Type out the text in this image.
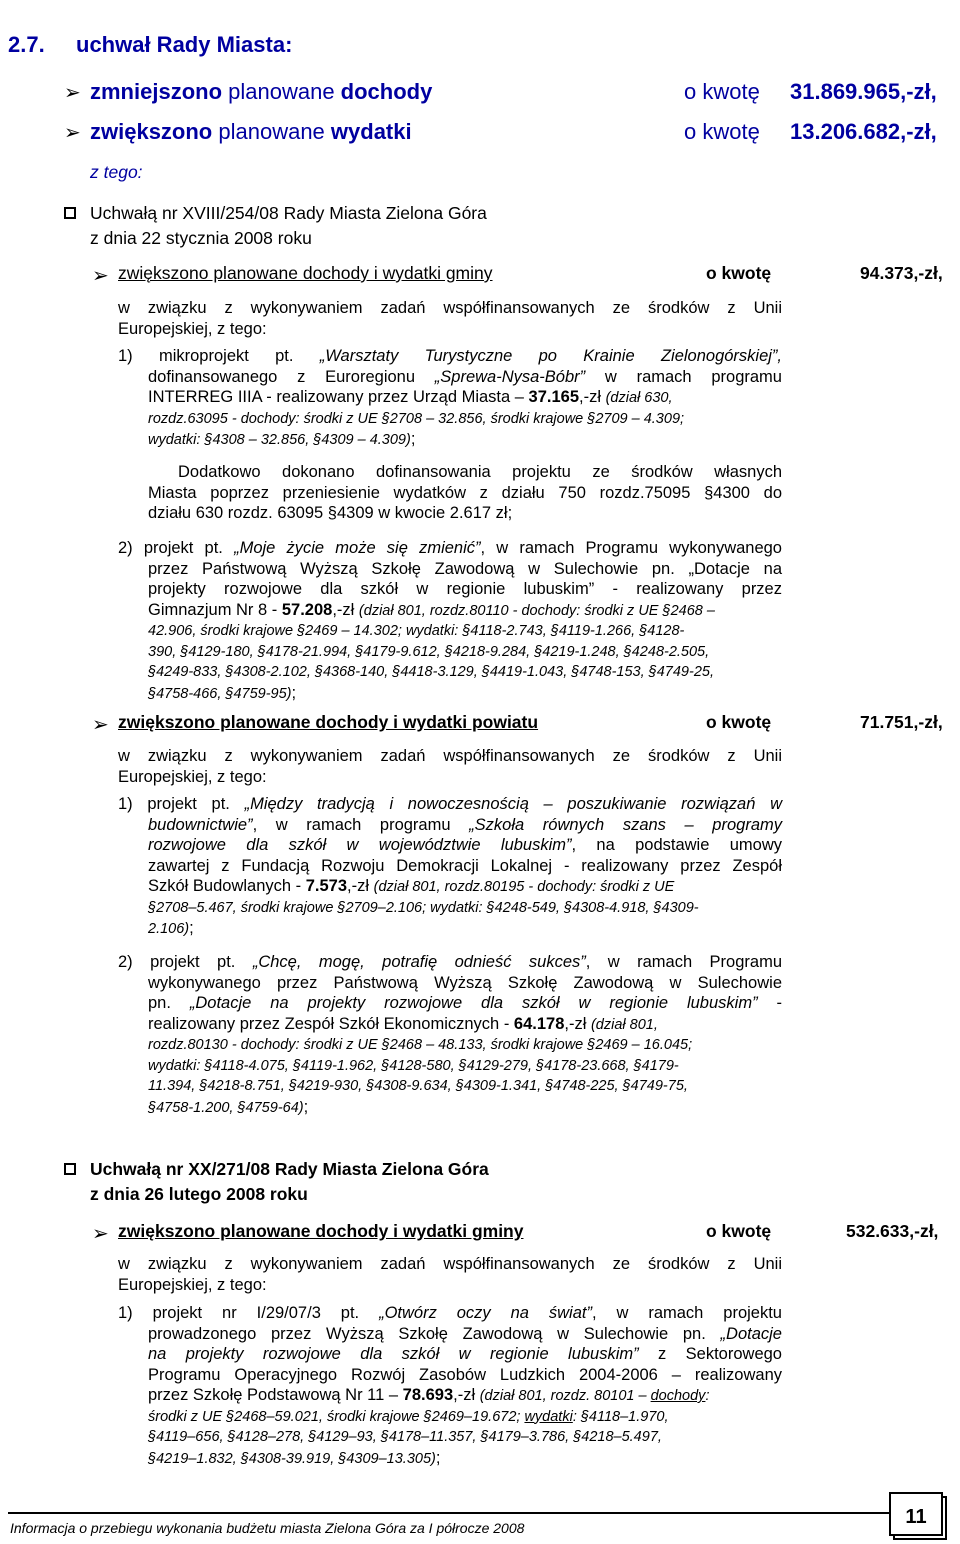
2.7. uchwał Rady Miasta:
➢ zmniejszono planowane dochody	o kwotę 31.869.965,-zł,
➢ zwiększono planowane wydatki	o kwotę 13.206.682,-zł,
z tego:
Uchwałą nr XVIII/254/08 Rady Miasta Zielona Góra
z dnia 22 stycznia 2008 roku
➢ zwiększono planowane dochody i wydatki gminy	o kwotę	94.373,-zł,
w związku z wykonywaniem zadań współfinansowanych ze środków z Unii
Europejskiej, z tego:
1) mikroprojekt pt. „Warsztaty Turystyczne po Krainie Zielonogórskiej”,
dofinansowanego z Euroregionu „Sprewa-Nysa-Bóbr” w ramach programu
INTERREG IIIA - realizowany przez Urząd Miasta – 37.165,-zł (dział 630,
rozdz.63095 - dochody: środki z UE §2708 – 32.856, środki krajowe §2709 – 4.309;
wydatki: §4308 – 32.856, §4309 – 4.309);
Dodatkowo dokonano dofinansowania projektu ze środków własnych
Miasta poprzez przeniesienie wydatków z działu 750 rozdz.75095 §4300 do
działu 630 rozdz. 63095 §4309 w kwocie 2.617 zł;
2) projekt pt. „Moje życie może się zmienić”, w ramach Programu wykonywanego
przez Państwową Wyższą Szkołę Zawodową w Sulechowie pn. „Dotacje na
projekty rozwojowe dla szkół w regionie lubuskim” - realizowany przez
Gimnazjum Nr 8 - 57.208,-zł (dział 801, rozdz.80110 - dochody: środki z UE §2468 –
42.906, środki krajowe §2469 – 14.302; wydatki: §4118-2.743, §4119-1.266, §4128-
390, §4129-180, §4178-21.994, §4179-9.612, §4218-9.284, §4219-1.248, §4248-2.505,
§4249-833, §4308-2.102, §4368-140, §4418-3.129, §4419-1.043, §4748-153, §4749-25,
§4758-466, §4759-95);
➢ zwiększono planowane dochody i wydatki powiatu	o kwotę	71.751,-zł,
w związku z wykonywaniem zadań współfinansowanych ze środków z Unii
Europejskiej, z tego:
1) projekt pt. „Między tradycją i nowoczesnością – poszukiwanie rozwiązań w
budownictwie”, w ramach programu „Szkoła równych szans – programy
rozwojowe dla szkół w województwie lubuskim”, na podstawie umowy
zawartej z Fundacją Rozwoju Demokracji Lokalnej - realizowany przez Zespół
Szkół Budowlanych - 7.573,-zł (dział 801, rozdz.80195 - dochody: środki z UE
§2708–5.467, środki krajowe §2709–2.106; wydatki: §4248-549, §4308-4.918, §4309-
2.106);
2) projekt pt. „Chcę, mogę, potrafię odnieść sukces”, w ramach Programu
wykonywanego przez Państwową Wyższą Szkołę Zawodową w Sulechowie
pn. „Dotacje na projekty rozwojowe dla szkół w regionie lubuskim” -
realizowany przez Zespół Szkół Ekonomicznych - 64.178,-zł (dział 801,
rozdz.80130 - dochody: środki z UE §2468 – 48.133, środki krajowe §2469 – 16.045;
wydatki: §4118-4.075, §4119-1.962, §4128-580, §4129-279, §4178-23.668, §4179-
11.394, §4218-8.751, §4219-930, §4308-9.634, §4309-1.341, §4748-225, §4749-75,
§4758-1.200, §4759-64);
Uchwałą nr XX/271/08 Rady Miasta Zielona Góra
z dnia 26 lutego 2008 roku
➢ zwiększono planowane dochody i wydatki gminy	o kwotę	532.633,-zł,
w związku z wykonywaniem zadań współfinansowanych ze środków z Unii
Europejskiej, z tego:
1) projekt nr I/29/07/3 pt. „Otwórz oczy na świat”, w ramach projektu
prowadzonego przez Wyższą Szkołę Zawodową w Sulechowie pn. „Dotacje
na projekty rozwojowe dla szkół w regionie lubuskim” z Sektorowego
Programu Operacyjnego Rozwój Zasobów Ludzkich 2004-2006 – realizowany
przez Szkołę Podstawową Nr 11 – 78.693,-zł (dział 801, rozdz. 80101 – dochody:
środki z UE §2468–59.021, środki krajowe §2469–19.672; wydatki: §4118–1.970,
§4119–656, §4128–278, §4129–93, §4178–11.357, §4179–3.786, §4218–5.497,
§4219–1.832, §4308-39.919, §4309–13.305);
Informacja o przebiegu wykonania budżetu miasta Zielona Góra za I półrocze 2008	11
